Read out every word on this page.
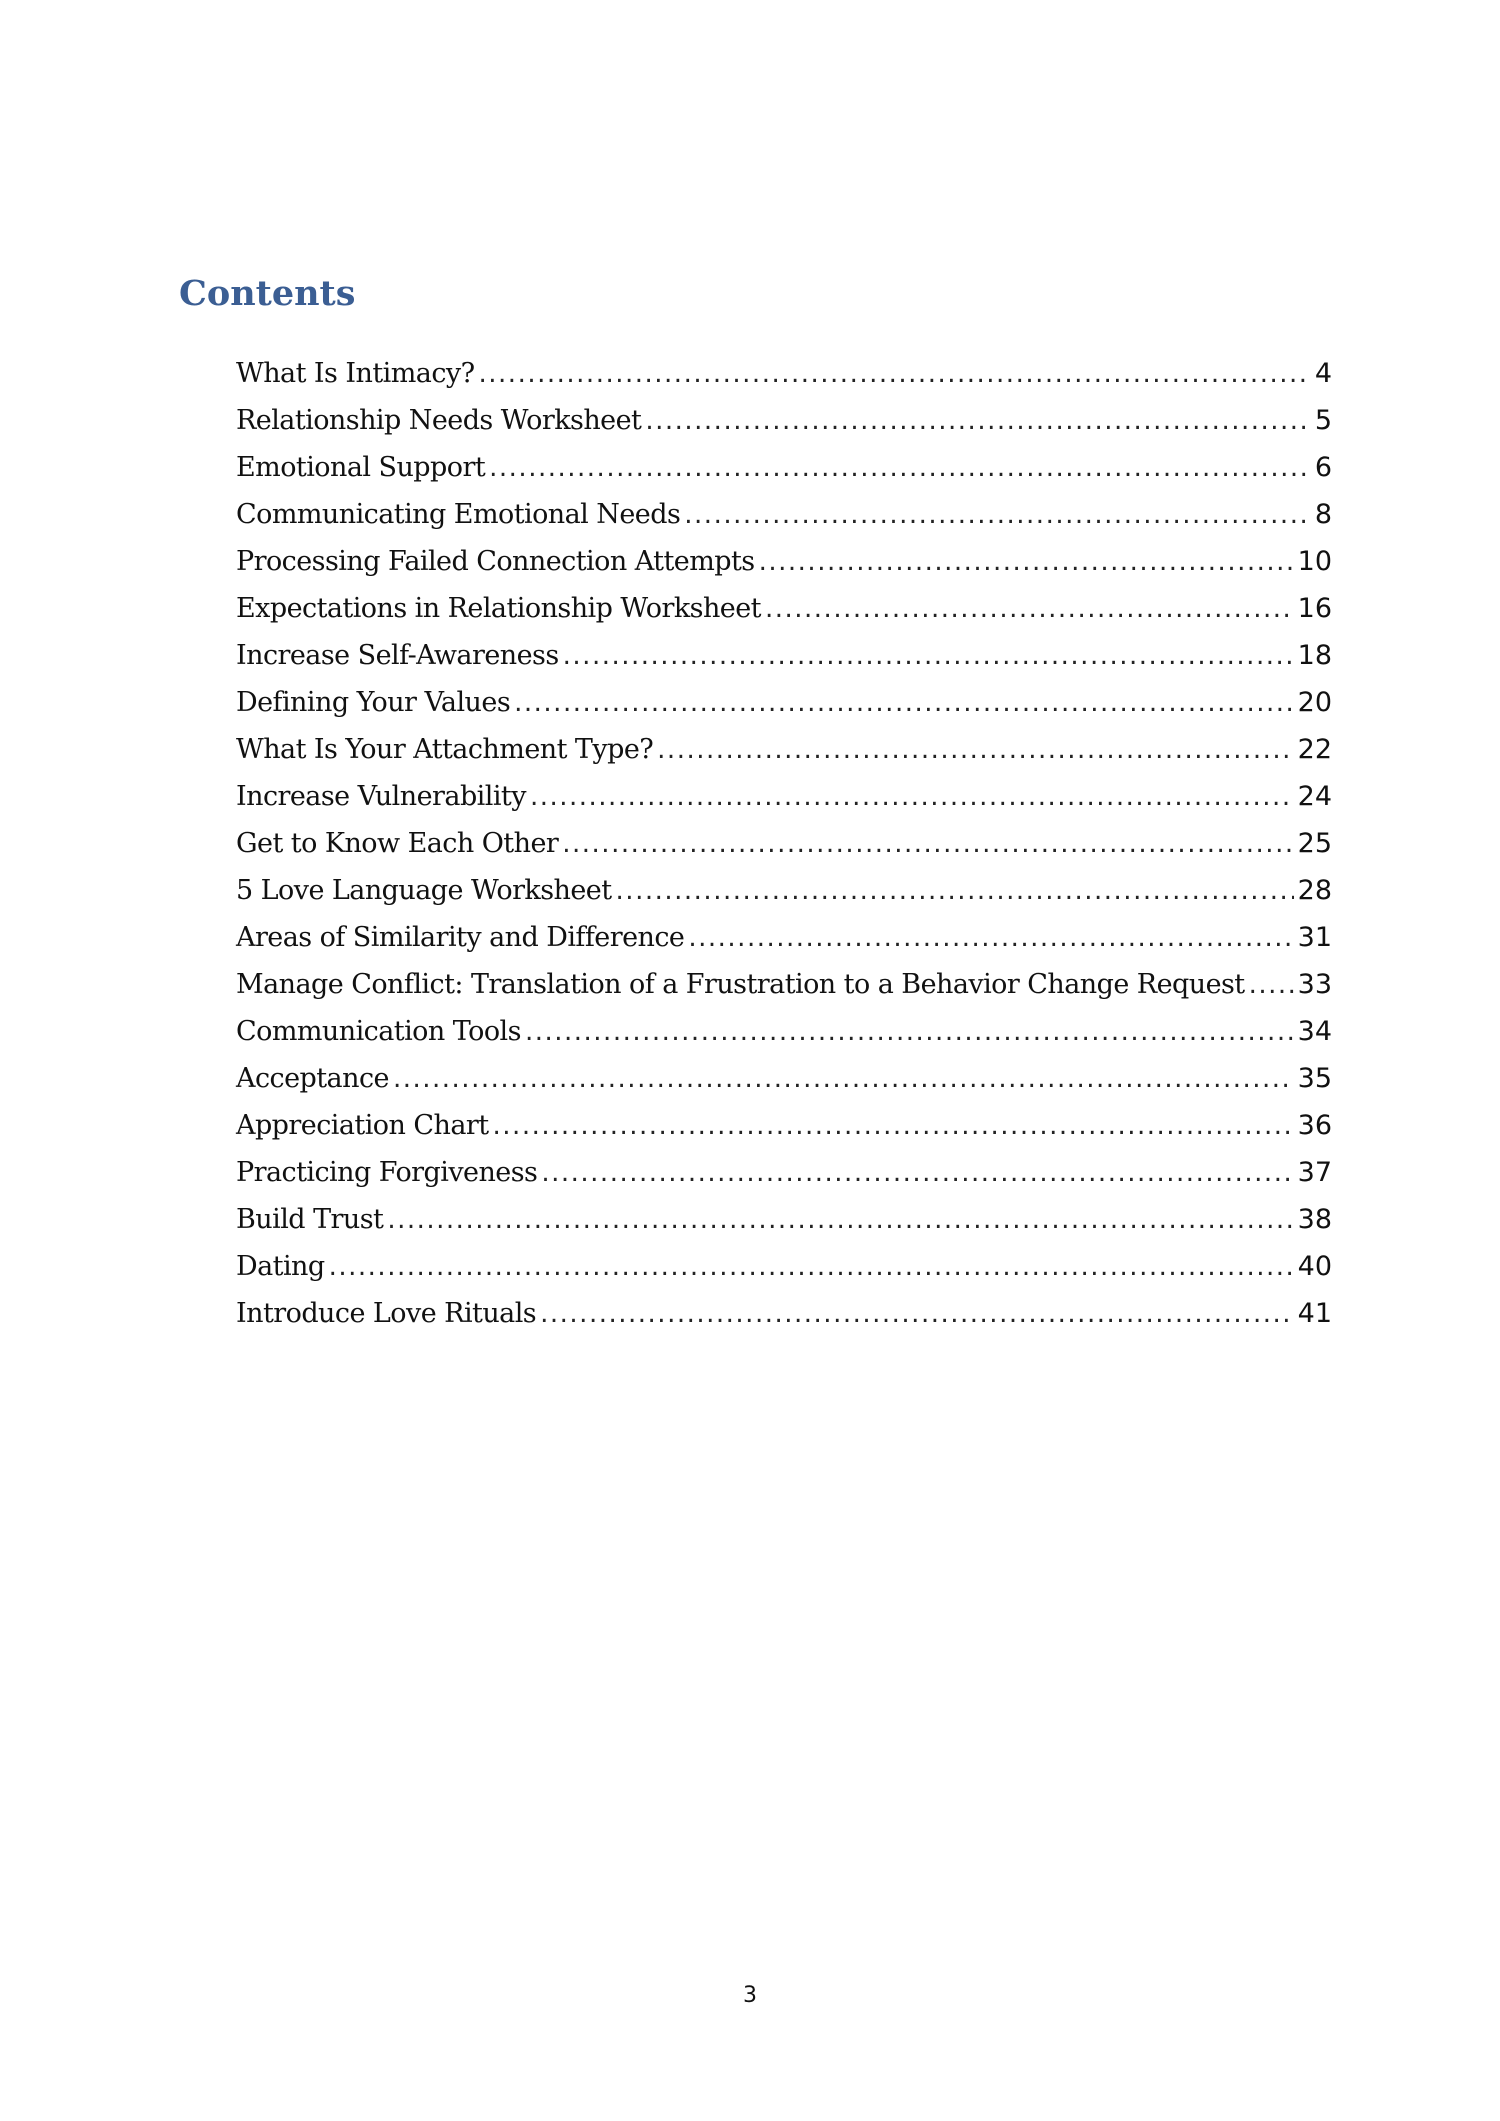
Contents
What Is Intimacy? .....	4
Relationship Needs Worksheet .....	5
Emotional Support .....	6
Communicating Emotional Needs .....	8
Processing Failed Connection Attempts .....	10
Expectations in Relationship Worksheet .....	16
Increase Self-Awareness .....	18
Defining Your Values .....	20
What Is Your Attachment Type? .....	22
Increase Vulnerability .....	24
Get to Know Each Other .....	25
5 Love Language Worksheet .....	28
Areas of Similarity and Difference .....	31
Manage Conflict: Translation of a Frustration to a Behavior Change Request ..... 33
Communication Tools .....	34
Acceptance .....	35
Appreciation Chart .....	36
Practicing Forgiveness .....	37
Build Trust .....	38
Dating .....	40
Introduce Love Rituals .....	41
3
